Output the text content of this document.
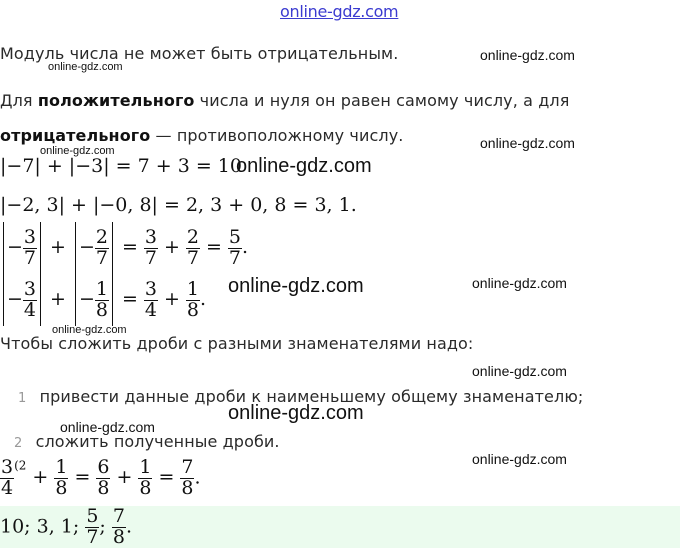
online-gdz.com
Модуль числа не может быть отрицательным.	online-gdz.com
online-gdz.com
Для положительного числа и нуля он равен самому числу, а для
отрицательного — противоположному числу.	online-gdz.com
online-gdz.com
|−7| + |−3| = 7 + 3 = 10
online-gdz.com
|−2, 3| + |−0, 8| = 2, 3 + 0, 8 = 3, 1.
− $\frac{3}{7}$ + − $\frac{2}{7} = \frac{3}{7} + \frac{2}{7} = \frac{5}{7}$ .
− $\frac{3}{4}$ + − $\frac{1}{8} = \frac{3}{4} + \frac{1}{8}$ .
online-gdz.com	online-gdz.com
online-gdz.com
Чтобы сложить дроби с разными знаменателями надо:
online-gdz.com
1 привести данные дроби к наименьшему общему знаменателю;
online-gdz.com
online-gdz.com
2 сложить полученные дроби.
online-gdz.com
$\frac{3}{4} ^{(2}+ \frac{1}{8} = \frac{6}{8} + \frac{1}{8} = \frac{7}{8}$ .
10; 3, 1; $\frac{5}{7}$ ; $\frac{7}{8}$ .
